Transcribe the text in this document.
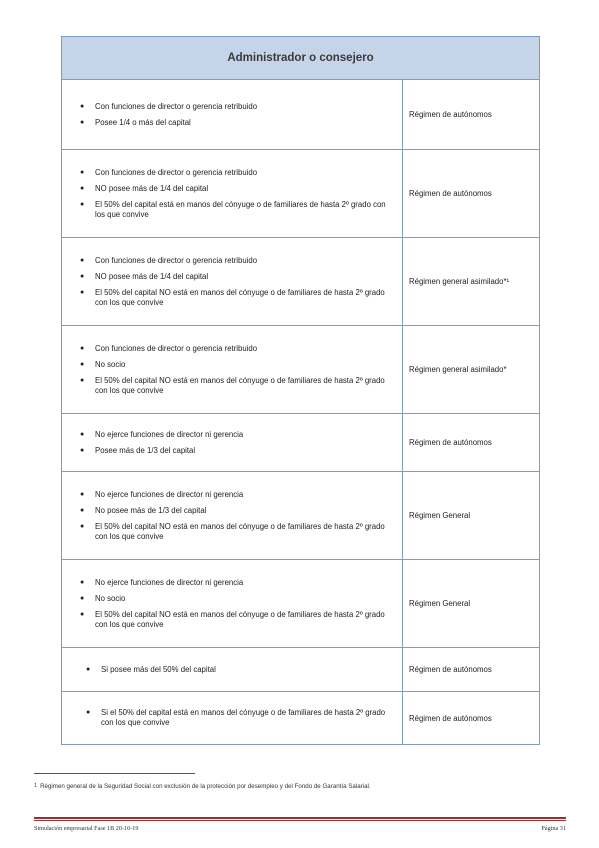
Administrador o consejero
●	Con funciones de director o gerencia retribuido
●	Posee 1/4 o más del capital
Régimen de autónomos
●	Con funciones de director o gerencia retribuido
●	NO posee más de 1/4 del capital
●	El 50% del capital está en manos del cónyuge o de familiares de hasta 2º grado con los que convive
Régimen de autónomos
●	Con funciones de director o gerencia retribuido
●	NO posee más de 1/4 del capital
●	El 50% del capital NO está en manos del cónyuge o de familiares de hasta 2º grado con los que convive
Régimen general asimilado*¹
●	Con funciones de director o gerencia retribuido
●	No socio
●	El 50% del capital NO está en manos del cónyuge o de familiares de hasta 2º grado con los que convive
Régimen general asimilado*
●	No ejerce funciones de director ni gerencia
●	Posee más de 1/3 del capital
Régimen de autónomos
●	No ejerce funciones de director ni gerencia
●	No posee más de 1/3 del capital
●	El 50% del capital NO está en manos del cónyuge o de familiares de hasta 2º grado con los que convive
Régimen General
●	No ejerce funciones de director ni gerencia
●	No socio
●	El 50% del capital NO está en manos del cónyuge o de familiares de hasta 2º grado con los que convive
Régimen General
●	Si posee más del 50% del capital	Régimen de autónomos
●	Si el 50% del capital está en manos del cónyuge o de familiares de hasta 2º grado con los que convive	Régimen de autónomos
$^1$ Régimen general de la Seguridad Social con exclusión de la protección por desempleo y del Fondo de Garantía Salarial.
Simulación empresarial Fase 1B 20-10-19	Página 31
